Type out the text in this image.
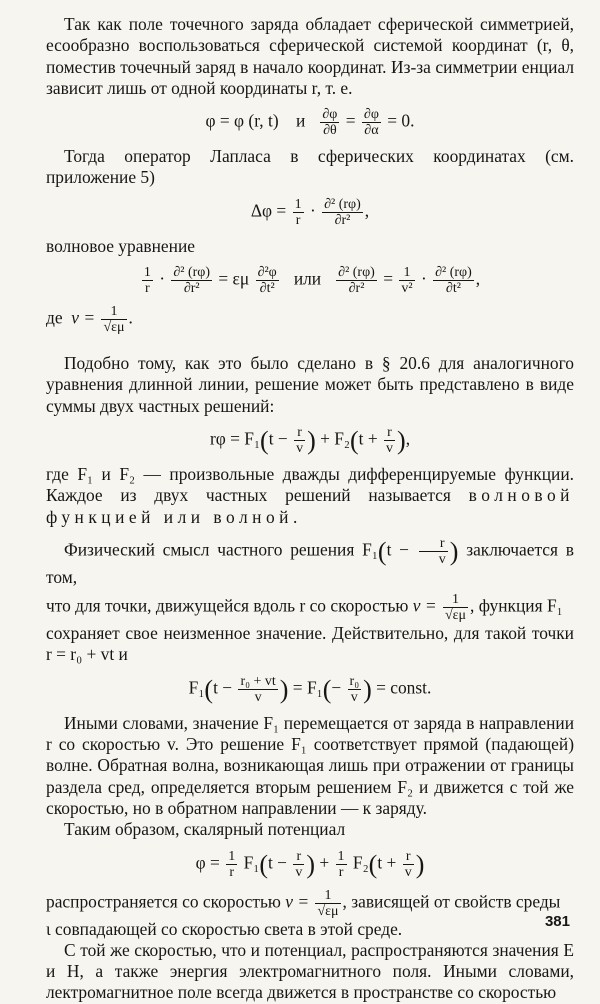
Так как поле точечного заряда обладает сферической симметрией, есообразно воспользоваться сферической системой координат (r, θ, поместив точечный заряд в начало координат. Из-за симметрии енциал зависит лишь от одной координаты r, т. е.

φ = φ (r, t) и $\frac{\partial\varphi}{\partial\theta} = \frac{\partial\varphi}{\partial\alpha} = 0$.

Тогда оператор Лапласа в сферических координатах (см. приложение 5)

$\Delta\varphi = \frac{1}{r} \cdot \frac{\text{∂² (rφ)}}{\text{∂r²}}$ ,

волновое уравнение

$\frac{1}{r} \cdot \frac{\text{∂² (rφ)}}{\text{∂r²}} = \varepsilon\mu \frac{\text{∂²φ}}{\text{∂t²}}$ или $\frac{\text{∂² (rφ)}}{\text{∂r²}} = \frac{1}{\text{v²}} \cdot \frac{\text{∂² (rφ)}}{\text{∂t²}}$ ,
де $v = \frac{1}{√\varepsilon\mu}$ .

Подобно тому, как это было сделано в § 20.6 для аналогичного уравнения длинной линии, решение может быть представлено в виде суммы двух частных решений:

$r\varphi = F_1(t - \frac{r}{v}$ ) + $F_2(t + \frac{r}{v}$ ),

где F₁ и F₂ — произвольные дважды дифференцируемые функции. Каждое из двух частных решений называется волновой функцией или волной.

Физический смысл частного решения $F_1(t - \frac{r}{v}$ ) заключается в том,

что для точки, движущейся вдоль r со скоростью $v = \frac{1}{√\varepsilon\mu}$ , функция F₁

сохраняет свое неизменное значение. Действительно, для такой точки r = r₀ + vt и

$F_1(t - \frac{\text{r₀ + vt}}{v}$ ) = $F_1(- \frac{\text{r₀}}{v}$ ) = const.

Иными словами, значение F₁ перемещается от заряда в направлении r со скоростью v. Это решение F₁ соответствует прямой (падающей) волне. Обратная волна, возникающая лишь при отражении от границы раздела сред, определяется вторым решением F₂ и движется с той же скоростью, но в обратном направлении — к заряду.

Таким образом, скалярный потенциал

$\varphi = \frac{1}{r} F_1(t - \frac{r}{v}$ ) + $\frac{1}{r} F_2(t + \frac{r}{v}$ )

распространяется со скоростью $v = \frac{1}{√\varepsilon\mu}$ , зависящей от свойств среды

ι совпадающей со скоростью света в этой среде.

С той же скоростью, что и потенциал, распространяются значения E и H, а также энергия электромагнитного поля. Иными словами, лектромагнитное поле всегда движется в пространстве со скоростью

381
